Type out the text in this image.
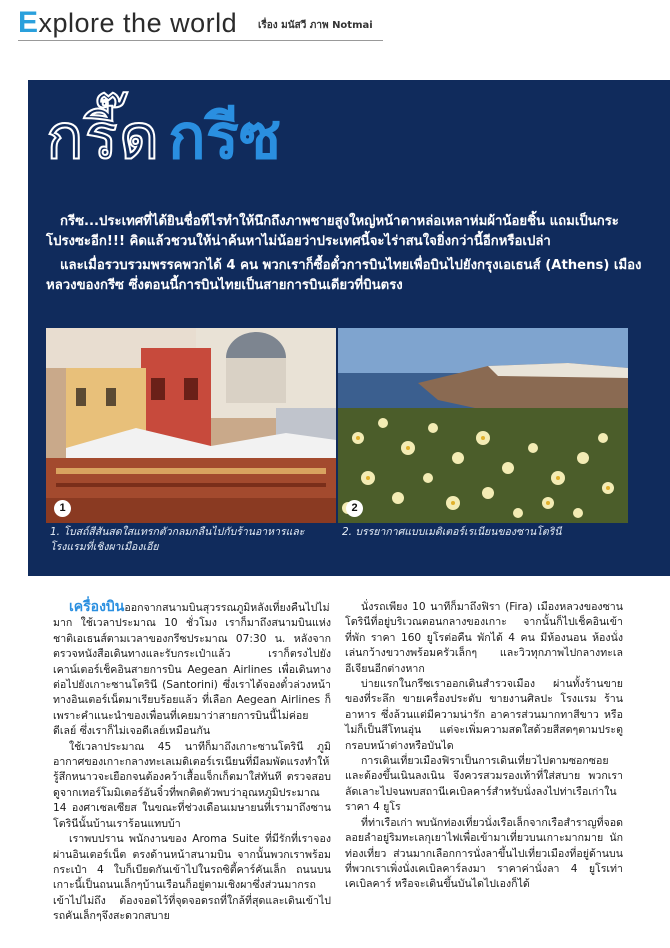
Explore the world เรื่อง มนัสวี ภาพ Notmai
กรี๊ด กรีซ

กรีซ...ประเทศที่ได้ยินชื่อทีไรทำให้นึกถึงภาพชายสูงใหญ่หน้าตาหล่อเหลาห่มผ้าน้อยชิ้น แถมเป็นกระโปรงซะอีก!!! คิดแล้วชวนให้น่าค้นหาไม่น้อยว่าประเทศนี้จะไร่าสนใจยิ่งกว่านี้อีกหรือเปล่า

และเมื่อรวบรวมพรรคพวกได้ 4 คน พวกเราก็ซื้อตั๋วการบินไทยเพื่อบินไปยังกรุงเอเธนส์ (Athens) เมืองหลวงของกรีซ ซึ่งตอนนี้การบินไทยเป็นสายการบินเดียวที่บินตรง

1	2
1. โบสถ์สีสันสดใสแทรกตัวกลมกลืนไปกับร้านอาหารและโรงแรมที่เชิงผาเมืองเอีย
2. บรรยากาศแบบเมดิเตอร์เรเนียนของซานโตรินี

เครื่องบินออกจากสนามบินสุวรรณภูมิหลังเที่ยงคืนไปไม่มาก ใช้เวลาประมาณ 10 ชั่วโมง เราก็มาถึงสนามบินแห่งชาติเอเธนส์ตามเวลาของกรีซประมาณ 07:30 น. หลังจากตรวจหนังสือเดินทางและรับกระเป๋าแล้ว เราก็ตรงไปยังเคาน์เตอร์เช็คอินสายการบิน Aegean Airlines เพื่อเดินทางต่อไปยังเกาะซานโตรินี (Santorini) ซึ่งเราได้จองตั๋วล่วงหน้าทางอินเตอร์เน็ตมาเรียบร้อยแล้ว ที่เลือก Aegean Airlines ก็เพราะคำแนะนำของเพื่อนที่เคยมาว่าสายการบินนี้ไม่ค่อยดีเลย์ ซึ่งเราก็ไม่เจอดีเลย์เหมือนกัน

ใช้เวลาประมาณ 45 นาทีก็มาถึงเกาะซานโตรินี ภูมิอากาศของเกาะกลางทะเลเมดิเตอร์เรเนียนที่มีลมพัดแรงทำให้รู้สึกหนาวจะเยือกจนต้องคว้าเสื้อแจ็กเก็ตมาใส่ทันที ตรวจสอบดูจากเทอร์โมมิเตอร์อันจิ๋วที่พกติดตัวพบว่าอุณหภูมิประมาณ 14 องศาเซลเซียส ในขณะที่ช่วงเดือนเมษายนที่เรามาถึงซานโตรินีนั้นบ้านเราร้อนแทบบ้า

เราพบปราน พนักงานของ Aroma Suite ที่มีรักที่เราจองผ่านอินเตอร์เน็ต ตรงด้านหน้าสนามบิน จากนั้นพวกเราพร้อมกระเป๋า 4 ใบก็เบียดกันเข้าไปในรถซิตี้คาร์คันเล็ก ถนนบนเกาะนี้เป็นถนนเล็กๆบ้านเรือนก็อยู่ตามเชิงผาซึ่งส่วนมากรถเข้าไปไม่ถึง ต้องจอดไว้ที่จุดจอดรถที่ใกล้ที่สุดและเดินเข้าไป รถคันเล็กๆจึงสะดวกสบาย

นั่งรถเพียง 10 นาทีก็มาถึงฟิรา (Fira) เมืองหลวงของซานโตรินีที่อยู่บริเวณตอนกลางของเกาะ จากนั้นก็ไปเช็คอินเข้าที่พัก ราคา 160 ยูโรต่อคืน พักได้ 4 คน มีห้องนอน ห้องนั่งเล่นกว้างขวางพร้อมครัวเล็กๆ และวิวทุกภาพไปกลางทะเลอีเจียนอีกต่างหาก

บ่ายแรกในกรีซเราออกเดินสำรวจเมือง ผ่านทั้งร้านขายของที่ระลึก ขายเครื่องประดับ ขายงานศิลปะ โรงแรม ร้านอาหาร ซึ่งล้วนแต่มีความน่ารัก อาคารส่วนมากทาสีขาว หรือไม่ก็เป็นสีโทนอุ่น แต่จะเพิ่มความสดใสด้วยสีสดๆตามประตู กรอบหน้าต่างหรือบันได

การเดินเที่ยวเมืองฟิราเป็นการเดินเที่ยวไปตามซอกซอยและต้องขึ้นเนินลงเนิน จึงควรสวมรองเท้าที่ใส่สบาย พวกเราลัดเลาะไปจนพบสถานีเคเบิลคาร์สำหรับนั่งลงไปท่าเรือเก่าในราคา 4 ยูโร

ที่ท่าเรือเก่า พบนักท่องเที่ยวนั่งเรือเล็กจากเรือสำราญที่จอดลอยลำอยู่ริมทะเลกุเยาไฟเพื่อเข้ามาเที่ยวบนเกาะมากมาย นักท่องเที่ยว ส่วนมากเลือกการนั่งลาขึ้นไปเที่ยวเมืองที่อยู่ด้านบนที่พวกเราเพิ่งนั่งเคเบิลคาร์ลงมา ราคาค่านั่งลา 4 ยูโรเท่าเคเบิลคาร์ หรือจะเดินขึ้นบันไดไปเองก็ได้
